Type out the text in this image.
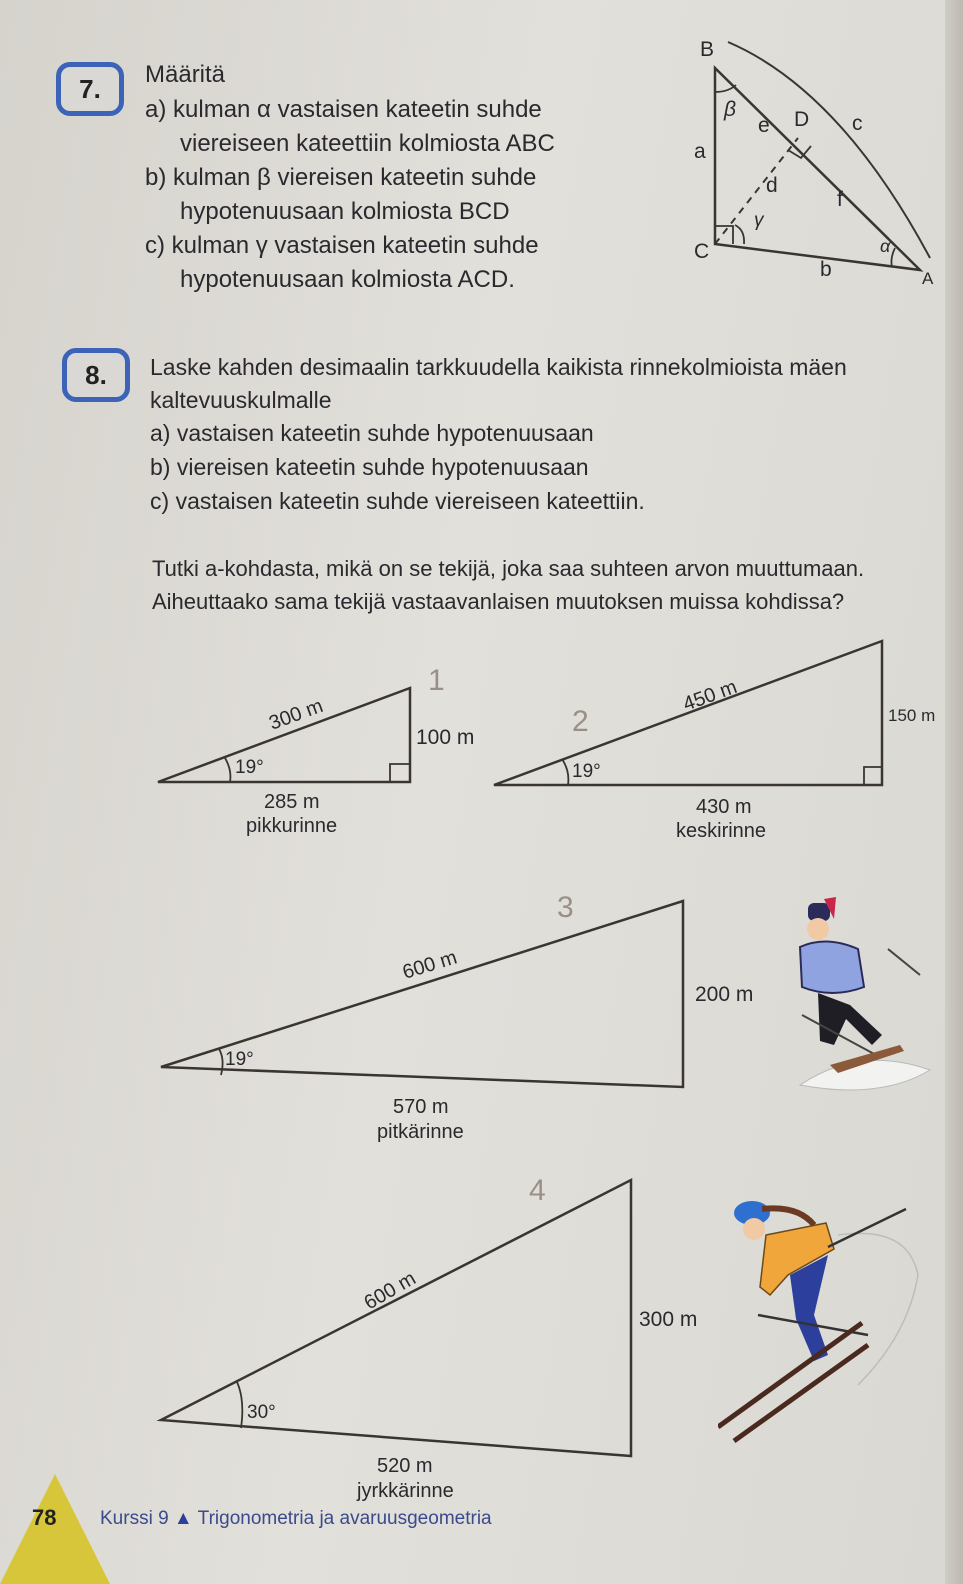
7. Määritä
a) kulman α vastaisen kateetin suhde
viereiseen kateettiin kolmiosta ABC
b) kulman β viereisen kateetin suhde
hypotenuusaan kolmiosta BCD
c) kulman γ vastaisen kateetin suhde
hypotenuusaan kolmiosta ACD.
B
C
A
D
a
b
c
d
e
f
α
β
γ
8. Laske kahden desimaalin tarkkuudella kaikista rinnekolmioista mäen
kaltevuuskulmalle
a) vastaisen kateetin suhde hypotenuusaan
b) viereisen kateetin suhde hypotenuusaan
c) vastaisen kateetin suhde viereiseen kateettiin.
Tutki a-kohdasta, mikä on se tekijä, joka saa suhteen arvon muuttumaan.
Aiheuttaako sama tekijä vastaavanlaisen muutoksen muissa kohdissa?
19°
300 m
100 m
285 m
pikkurinne
1
19°
450 m	150 m
430 m
keskirinne
2
19°
600 m
200 m
570 m
pitkärinne
3
30°
600 m
300 m
520 m
jyrkkärinne
4
78 Kurssi 9 ▲ Trigonometria ja avaruusgeometria
